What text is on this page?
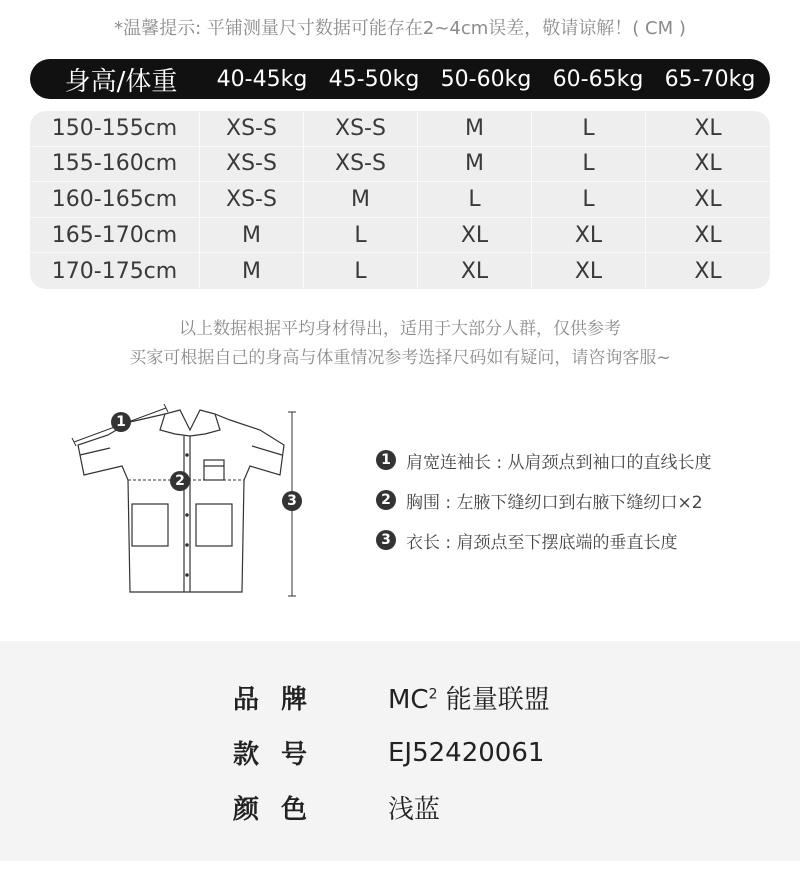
*温馨提示: 平铺测量尺寸数据可能存在2~4cm误差，敬请谅解！( CM )
身高/体重	40-45kg 45-50kg 50-60kg 60-65kg 65-70kg
150-155cm	XS-S	XS-S	M	L	XL
155-160cm	XS-S	XS-S	M	L	XL
160-165cm	XS-S	M	L	L	XL
165-170cm	M	L	XL	XL	XL
170-175cm	M	L	XL	XL	XL
以上数据根据平均身材得出，适用于大部分人群，仅供参考
买家可根据自己的身高与体重情况参考选择尺码如有疑问，请咨询客服~
1
2
3
1 肩宽连袖长 : 从肩颈点到袖口的直线长度
2 胸围 : 左腋下缝纫口到右腋下缝纫口×2
3 衣长 : 肩颈点至下摆底端的垂直长度
品牌	$MC^2$ 能量联盟
款号	EJ52420061
颜色	浅蓝
